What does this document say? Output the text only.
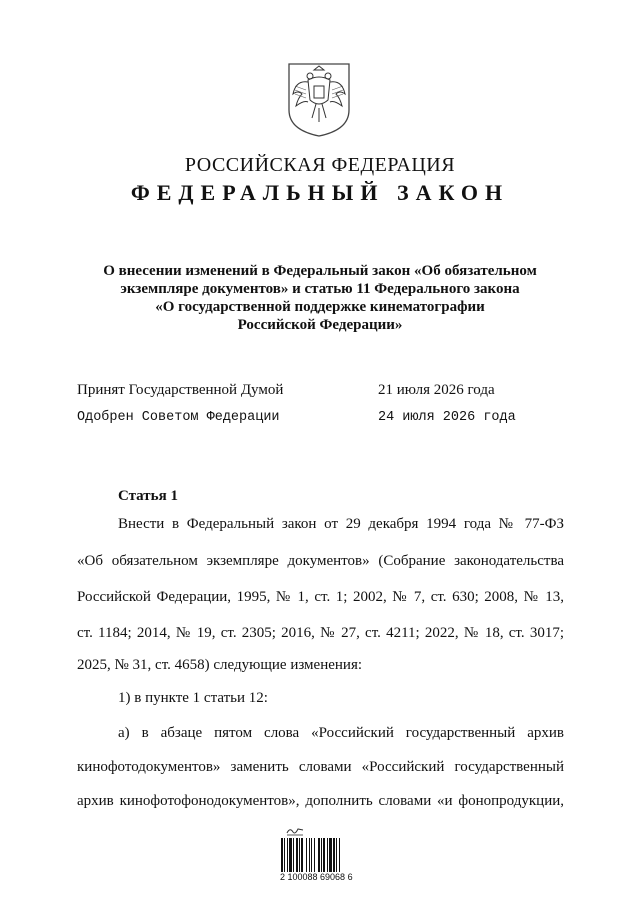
РОССИЙСКАЯ ФЕДЕРАЦИЯ
ФЕДЕРАЛЬНЫЙ ЗАКОН
О внесении изменений в Федеральный закон «Об обязательном
экземпляре документов» и статью 11 Федерального закона
«О государственной поддержке кинематографии
Российской Федерации»
Принят Государственной Думой	21 июля 2026 года
Одобрен Советом Федерации	24 июля 2026 года
Статья 1
Внести в Федеральный закон от 29 декабря 1994 года № 77-ФЗ
«Об обязательном экземпляре документов» (Собрание законодательства
Российской Федерации, 1995, № 1, ст. 1; 2002, № 7, ст. 630; 2008, № 13,
ст. 1184; 2014, № 19, ст. 2305; 2016, № 27, ст. 4211; 2022, № 18, ст. 3017;
2025, № 31, ст. 4658) следующие изменения:
1) в пункте 1 статьи 12:
а) в абзаце пятом слова «Российский государственный архив
кинофотодокументов» заменить словами «Российский государственный
архив кинофотофонодокументов», дополнить словами «и фонопродукции,
2 100088 69068 6
